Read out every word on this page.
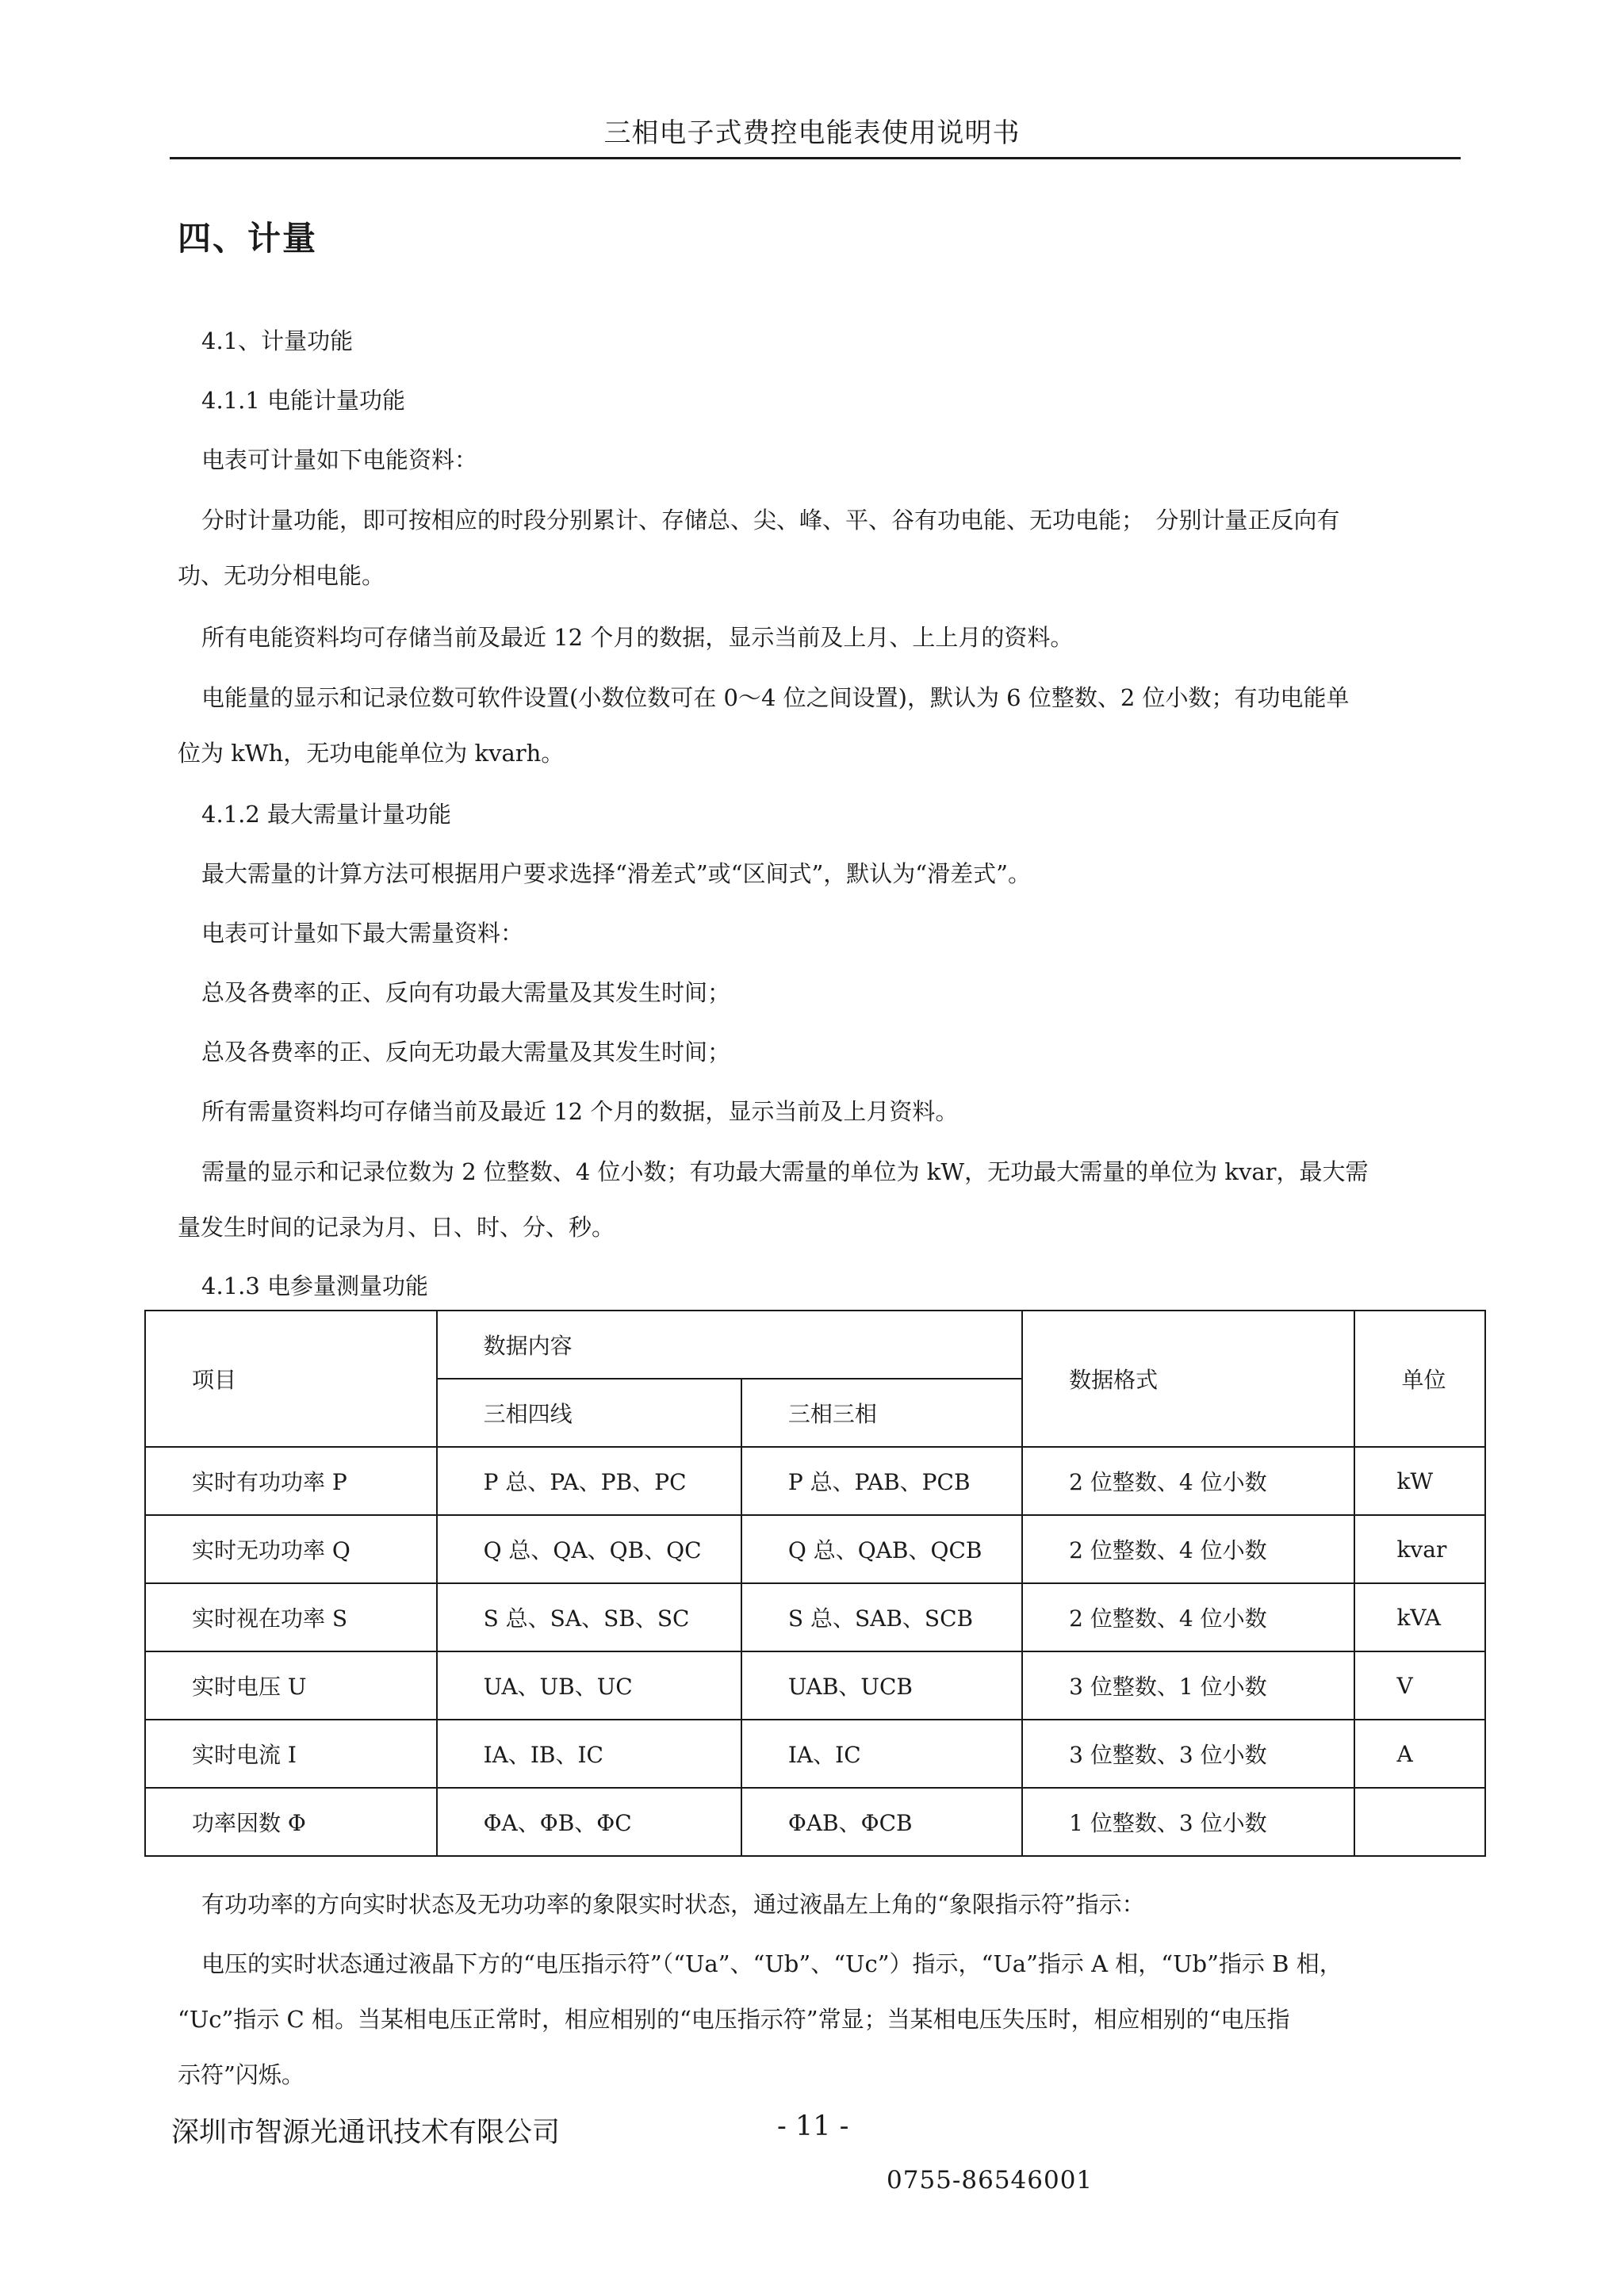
三相电子式费控电能表使用说明书
四、计量
4.1、计量功能
4.1.1 电能计量功能
电表可计量如下电能资料：
分时计量功能，即可按相应的时段分别累计、存储总、尖、峰、平、谷有功电能、无功电能；　分别计量正反向有
功、无功分相电能。
所有电能资料均可存储当前及最近 12 个月的数据，显示当前及上月、上上月的资料。
电能量的显示和记录位数可软件设置(小数位数可在 0～4 位之间设置)，默认为 6 位整数、2 位小数；有功电能单
位为 kWh，无功电能单位为 kvarh。
4.1.2 最大需量计量功能
最大需量的计算方法可根据用户要求选择“滑差式”或“区间式”，默认为“滑差式”。
电表可计量如下最大需量资料：
总及各费率的正、反向有功最大需量及其发生时间；
总及各费率的正、反向无功最大需量及其发生时间；
所有需量资料均可存储当前及最近 12 个月的数据，显示当前及上月资料。
需量的显示和记录位数为 2 位整数、4 位小数；有功最大需量的单位为 kW，无功最大需量的单位为 kvar，最大需
量发生时间的记录为月、日、时、分、秒。
4.1.3 电参量测量功能
项目	数据内容		数据格式	单位
	三相四线	三相三相		
实时有功功率 P	P 总、PA、PB、PC	P 总、PAB、PCB	2 位整数、4 位小数	kW
实时无功功率 Q	Q 总、QA、QB、QC	Q 总、QAB、QCB	2 位整数、4 位小数	kvar
实时视在功率 S	S 总、SA、SB、SC	S 总、SAB、SCB	2 位整数、4 位小数	kVA
实时电压 U	UA、UB、UC	UAB、UCB	3 位整数、1 位小数	V
实时电流 I	IA、IB、IC	IA、IC	3 位整数、3 位小数	A
功率因数 Φ	ΦA、ΦB、ΦC	ΦAB、ΦCB	1 位整数、3 位小数	
有功功率的方向实时状态及无功功率的象限实时状态，通过液晶左上角的“象限指示符”指示：
电压的实时状态通过液晶下方的“电压指示符”（“Ua”、“Ub”、“Uc”）指示，“Ua”指示 A 相，“Ub”指示 B 相，
“Uc”指示 C 相。当某相电压正常时，相应相别的“电压指示符”常显；当某相电压失压时，相应相别的“电压指
示符”闪烁。
深圳市智源光通讯技术有限公司	- 11 -
0755-86546001
